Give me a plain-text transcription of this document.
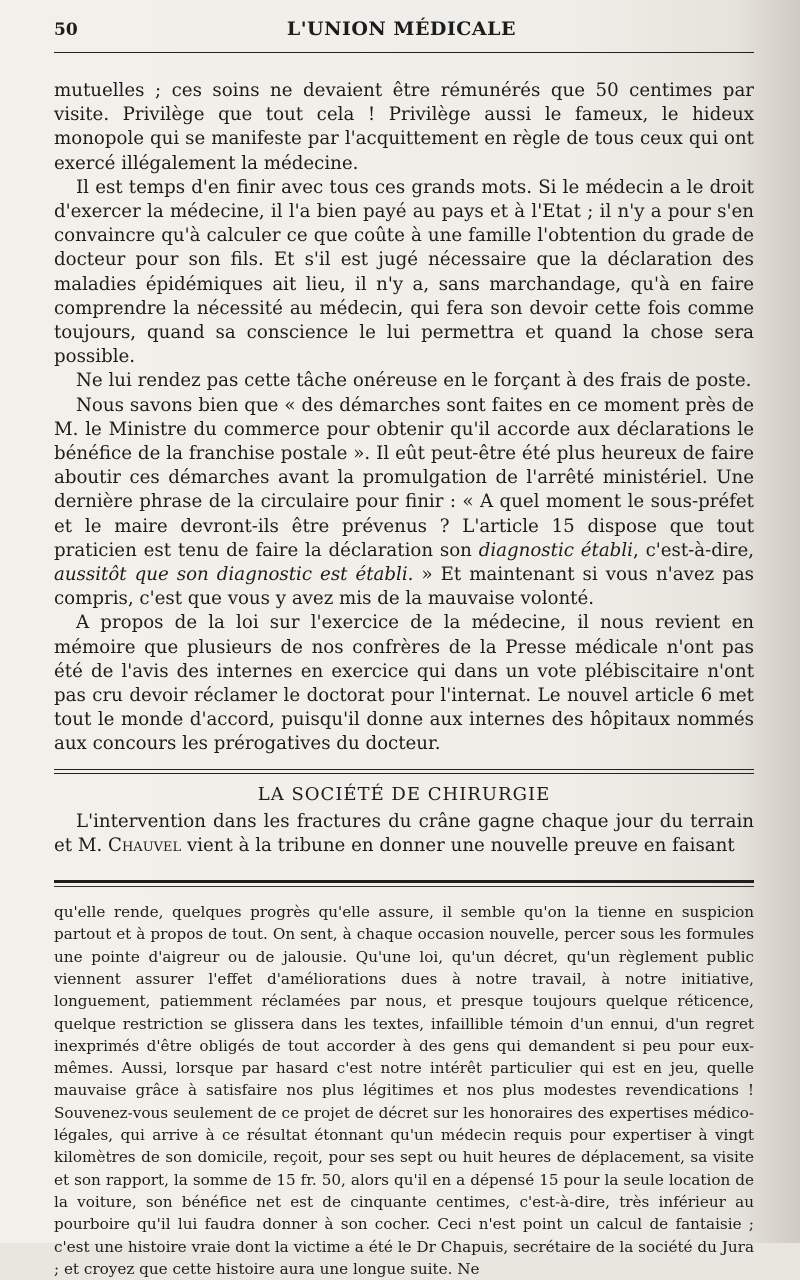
50	L'UNION MÉDICALE

mutuelles ; ces soins ne devaient être rémunérés que 50 centimes par visite. Privilège que tout cela ! Privilège aussi le fameux, le hideux monopole qui se manifeste par l'acquittement en règle de tous ceux qui ont exercé illégalement la médecine.

Il est temps d'en finir avec tous ces grands mots. Si le médecin a le droit d'exercer la médecine, il l'a bien payé au pays et à l'Etat ; il n'y a pour s'en convaincre qu'à calculer ce que coûte à une famille l'obtention du grade de docteur pour son fils. Et s'il est jugé nécessaire que la déclaration des maladies épidémiques ait lieu, il n'y a, sans marchandage, qu'à en faire comprendre la nécessité au médecin, qui fera son devoir cette fois comme toujours, quand sa conscience le lui permettra et quand la chose sera possible.

Ne lui rendez pas cette tâche onéreuse en le forçant à des frais de poste.

Nous savons bien que « des démarches sont faites en ce moment près de M. le Ministre du commerce pour obtenir qu'il accorde aux déclarations le bénéfice de la franchise postale ». Il eût peut-être été plus heureux de faire aboutir ces démarches avant la promulgation de l'arrêté ministériel. Une dernière phrase de la circulaire pour finir : « A quel moment le sous-préfet et le maire devront-ils être prévenus ? L'article 15 dispose que tout praticien est tenu de faire la déclaration son diagnostic établi, c'est-à-dire, aussitôt que son diagnostic est établi. » Et maintenant si vous n'avez pas compris, c'est que vous y avez mis de la mauvaise volonté.

A propos de la loi sur l'exercice de la médecine, il nous revient en mémoire que plusieurs de nos confrères de la Presse médicale n'ont pas été de l'avis des internes en exercice qui dans un vote plébiscitaire n'ont pas cru devoir réclamer le doctorat pour l'internat. Le nouvel article 6 met tout le monde d'accord, puisqu'il donne aux internes des hôpitaux nommés aux concours les prérogatives du docteur.

LA SOCIÉTÉ DE CHIRURGIE

L'intervention dans les fractures du crâne gagne chaque jour du terrain et M. Chauvel vient à la tribune en donner une nouvelle preuve en faisant

qu'elle rende, quelques progrès qu'elle assure, il semble qu'on la tienne en suspicion partout et à propos de tout. On sent, à chaque occasion nouvelle, percer sous les formules une pointe d'aigreur ou de jalousie. Qu'une loi, qu'un décret, qu'un règlement public viennent assurer l'effet d'améliorations dues à notre travail, à notre initiative, longuement, patiemment réclamées par nous, et presque toujours quelque réticence, quelque restriction se glissera dans les textes, infaillible témoin d'un ennui, d'un regret inexprimés d'être obligés de tout accorder à des gens qui demandent si peu pour eux-mêmes. Aussi, lorsque par hasard c'est notre intérêt particulier qui est en jeu, quelle mauvaise grâce à satisfaire nos plus légitimes et nos plus modestes revendications ! Souvenez-vous seulement de ce projet de décret sur les honoraires des expertises médico-légales, qui arrive à ce résultat étonnant qu'un médecin requis pour expertiser à vingt kilomètres de son domicile, reçoit, pour ses sept ou huit heures de déplacement, sa visite et son rapport, la somme de 15 fr. 50, alors qu'il en a dépensé 15 pour la seule location de la voiture, son bénéfice net est de cinquante centimes, c'est-à-dire, très inférieur au pourboire qu'il lui faudra donner à son cocher. Ceci n'est point un calcul de fantaisie ; c'est une histoire vraie dont la victime a été le Dr Chapuis, secrétaire de la société du Jura ; et croyez que cette histoire aura une longue suite. Ne
